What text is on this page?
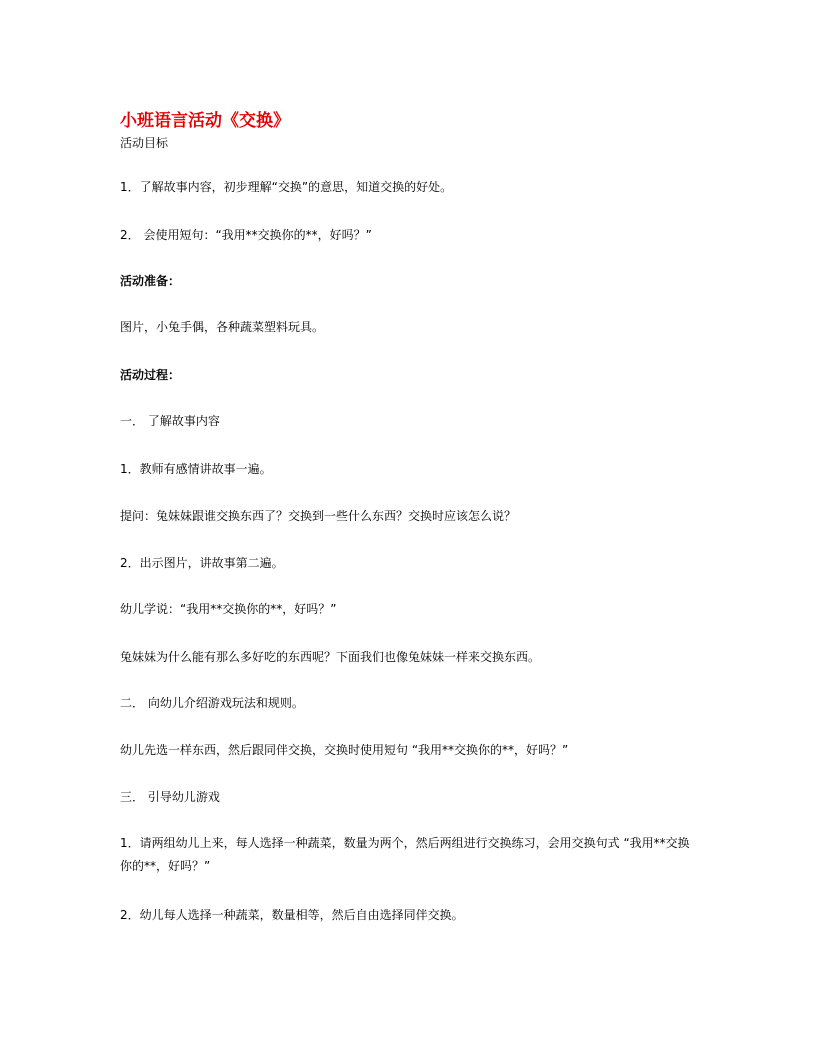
小班语言活动《交换》
活动目标
1．了解故事内容，初步理解“交换”的意思，知道交换的好处。
2． 会使用短句：“我用**交换你的**，好吗？”
活动准备：
图片，小兔手偶，各种蔬菜塑料玩具。
活动过程：
一． 了解故事内容
1．教师有感情讲故事一遍。
提问：兔妹妹跟谁交换东西了？交换到一些什么东西？交换时应该怎么说？
2．出示图片，讲故事第二遍。
幼儿学说：“我用**交换你的**，好吗？”
兔妹妹为什么能有那么多好吃的东西呢？下面我们也像兔妹妹一样来交换东西。
二． 向幼儿介绍游戏玩法和规则。
幼儿先选一样东西，然后跟同伴交换，交换时使用短句 “我用**交换你的**，好吗？”
三． 引导幼儿游戏
1．请两组幼儿上来，每人选择一种蔬菜，数量为两个，然后两组进行交换练习，会用交换句式 “我用**交换你的**，好吗？”
2．幼儿每人选择一种蔬菜，数量相等，然后自由选择同伴交换。
